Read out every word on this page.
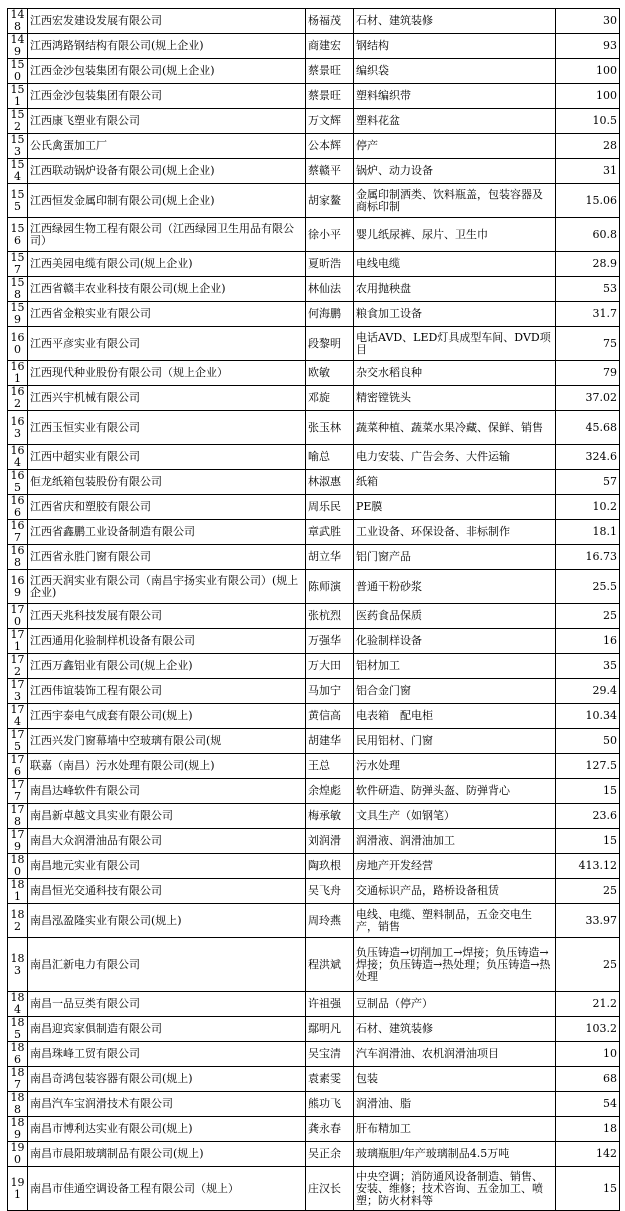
148	江西宏发建设发展有限公司	杨福茂	石材、建筑装修	30
149	江西鸿路钢结构有限公司(规上企业)	商建宏	钢结构	93
150	江西金沙包装集团有限公司(规上企业)	蔡景旺	编织袋	100
151	江西金沙包装集团有限公司	蔡景旺	塑料编织带	100
152	江西康飞塑业有限公司	万文辉	塑料花盆	10.5
153	公氏禽蛋加工厂	公本辉	停产	28
154	江西联动锅炉设备有限公司(规上企业)	蔡赣平	锅炉、动力设备	31
155	江西恒发金属印制有限公司(规上企业)	胡家鳌	金属印制洒类、饮料瓶盖，包装容器及商标印制	15.06
156	江西绿园生物工程有限公司（江西绿园卫生用品有限公司）	徐小平	婴儿纸尿裤、尿片、卫生巾	60.8
157	江西美园电缆有限公司(规上企业)	夏昕浩	电线电缆	28.9
158	江西省赣丰农业科技有限公司(规上企业)	林仙法	农用抛秧盘	53
159	江西省金粮实业有限公司	何海鹏	粮食加工设备	31.7
160	江西平彦实业有限公司	段黎明	电话AVD、LED灯具成型车间、DVD项目	75
161	江西现代种业股份有限公司（规上企业）	欧敏	杂交水稻良种	79
162	江西兴宇机械有限公司	邓旋	精密镗铣头	37.02
163	江西玉恒实业有限公司	张玉林	蔬菜种植、蔬菜水果冷藏、保鲜、销售	45.68
164	江西中超实业有限公司	喻总	电力安装、广告会务、大件运输	324.6
165	佢龙纸箱包装股份有限公司	林淑惠	纸箱	57
166	江西省庆和塑胶有限公司	周乐民	PE膜	10.2
167	江西省鑫鹏工业设备制造有限公司	章武胜	工业设备、环保设备、非标制作	18.1
168	江西省永胜门窗有限公司	胡立华	铝门窗产品	16.73
169	江西天润实业有限公司（南昌宇扬实业有限公司）(规上企业)	陈师演	普通干粉砂浆	25.5
170	江西天兆科技发展有限公司	张杭烈	医药食品保质	25
171	江西通用化验制样机设备有限公司	万强华	化验制样设备	16
172	江西万鑫铝业有限公司(规上企业)	万大田	铝材加工	35
173	江西伟谊装饰工程有限公司	马加宁	铝合金门窗	29.4
174	江西宇泰电气成套有限公司(规上)	黄信高	电表箱　配电柜	10.34
175	江西兴发门窗幕墙中空玻璃有限公司(规	胡建华	民用铝材、门窗	50
176	联嘉（南昌）污水处理有限公司(规上)	王总	污水处理	127.5
177	南昌达峰软件有限公司	余煌彪	软件研造、防弹头盔、防弹背心	15
178	南昌新卓越文具实业有限公司	梅承敏	文具生产（如钢笔）	23.6
179	南昌大众润滑油品有限公司	刘润滑	润滑液、润滑油加工	15
180	南昌地元实业有限公司	陶玖根	房地产开发经营	413.12
181	南昌恒光交通科技有限公司	吴飞舟	交通标识产品，路桥设备租赁	25
182	南昌泓盈隆实业有限公司(规上)	周玲燕	电线、电缆、塑料制品，五金交电生产，销售	33.97
183	南昌汇新电力有限公司	程洪斌	负压铸造→切削加工→焊接；负压铸造→焊接；负压铸造→热处理；负压铸造→热处理	25
184	南昌一品豆类有限公司	许祖强	豆制品（停产）	21.2
185	南昌迎宾家俱制造有限公司	鄢明凡	石材、建筑装修	103.2
186	南昌珠峰工贸有限公司	吴宝清	汽车润滑油、农机润滑油项目	10
187	南昌奇鸿包装容器有限公司(规上)	袁素雯	包装	68
188	南昌汽车宝润滑技术有限公司	熊功飞	润滑油、脂	54
189	南昌市博利达实业有限公司(规上)	龚永春	肝布精加工	18
190	南昌市晨阳玻璃制品有限公司(规上)	吴正余	玻璃瓶胆/年产玻璃制品4.5万吨	142
191	南昌市佳通空调设备工程有限公司（规上）	庄汉长	中央空调；消防通风设备制造、销售、安装、维修；技术咨询、五金加工、喷塑；防火材料等	15
